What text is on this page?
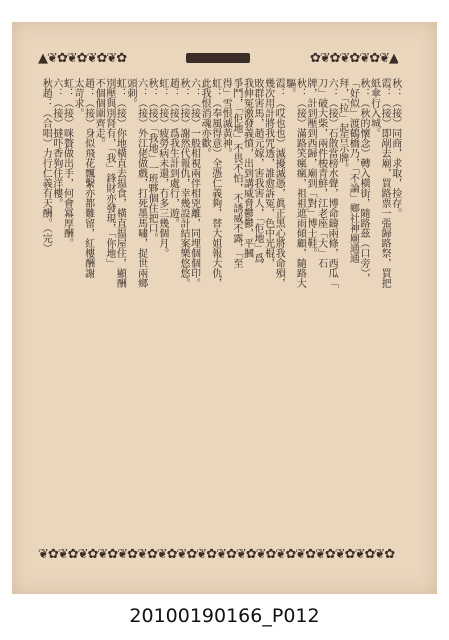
▲❦✿❦✿❦✿❦✿	✿❦✿❦✿❦✿❦▲
秋：（接）同商，求取，捡存。
霞：（接）即剐去廟，買路票一張歸路祭，買把
紙傘行入城。
秋：（秋的懷念）轉入橫街，隨路茲（口旁），
「好似」渡鶴橋乃，「不論」鄉社神廟通通
拜，「拉」起告示牌。
六：（接）石散當榜水聲，博命鑄兩條，西瓜「
刀」破大柴，兩件梭青鮮，江老座「大」石
牌，計到壓到西歸，廟到「對」博士鞋。
秋：（接）滿路笑瘋瘋，祖祖遮雨傾顧，隨路大
驅。
霞：（哎也也）滅擾滅憑，眞正黑心將我命殞，
幾次用計將我咒透，誰愈訴冤，色中光棍，
敗群害馬，趙元嫁，害我害人，「佢地」爲
我伸冤激發義憤，出到講威脅鬱鬱，平摑
爭鬥，「佢地」不畏不怕，不誘威不露，「至
得」雪恨滅黃神。
虹：（奉風得意）全憑仁義夠，替大姐報大仇，
此我恨消魂亦歡。
六：（接）一般相視兩伴相兇離，同埋個個印。
秋：（接）謝然代報仇，幸幾設計結案樂悠悠。
趙：（接）爲我生計到處行，遊。
虹：（接）疲勞病未還，冇多三幾個月。
秋：（接）「我地」一班夥個住把口。
六：（接）外江佬做戲，打死墨馬嘯，捉世兩鄉
頭刺。
虹：（接）你地橫直去揾食，橫直揾屋住，顯酬
別壓與別肾有，「我」鋒財亦發現，「你地」
不個個圍齊走。
趙：（接）身似飛花飄繫亦都難留，紅樓酬謝
太苛求。
虹：（接）咪贅做出手，何會冪厚酬。
六：（接）撻吓香狗住洋樓。
秋趙：（合唱）力行仁義有天酬。（完）
❦✿❦✿❦✿❦✿❦✿❦✿❦✿❦✿❦✿❦✿❦✿❦✿❦✿❦✿❦✿❦✿❦✿❦✿
20100190166_P012
